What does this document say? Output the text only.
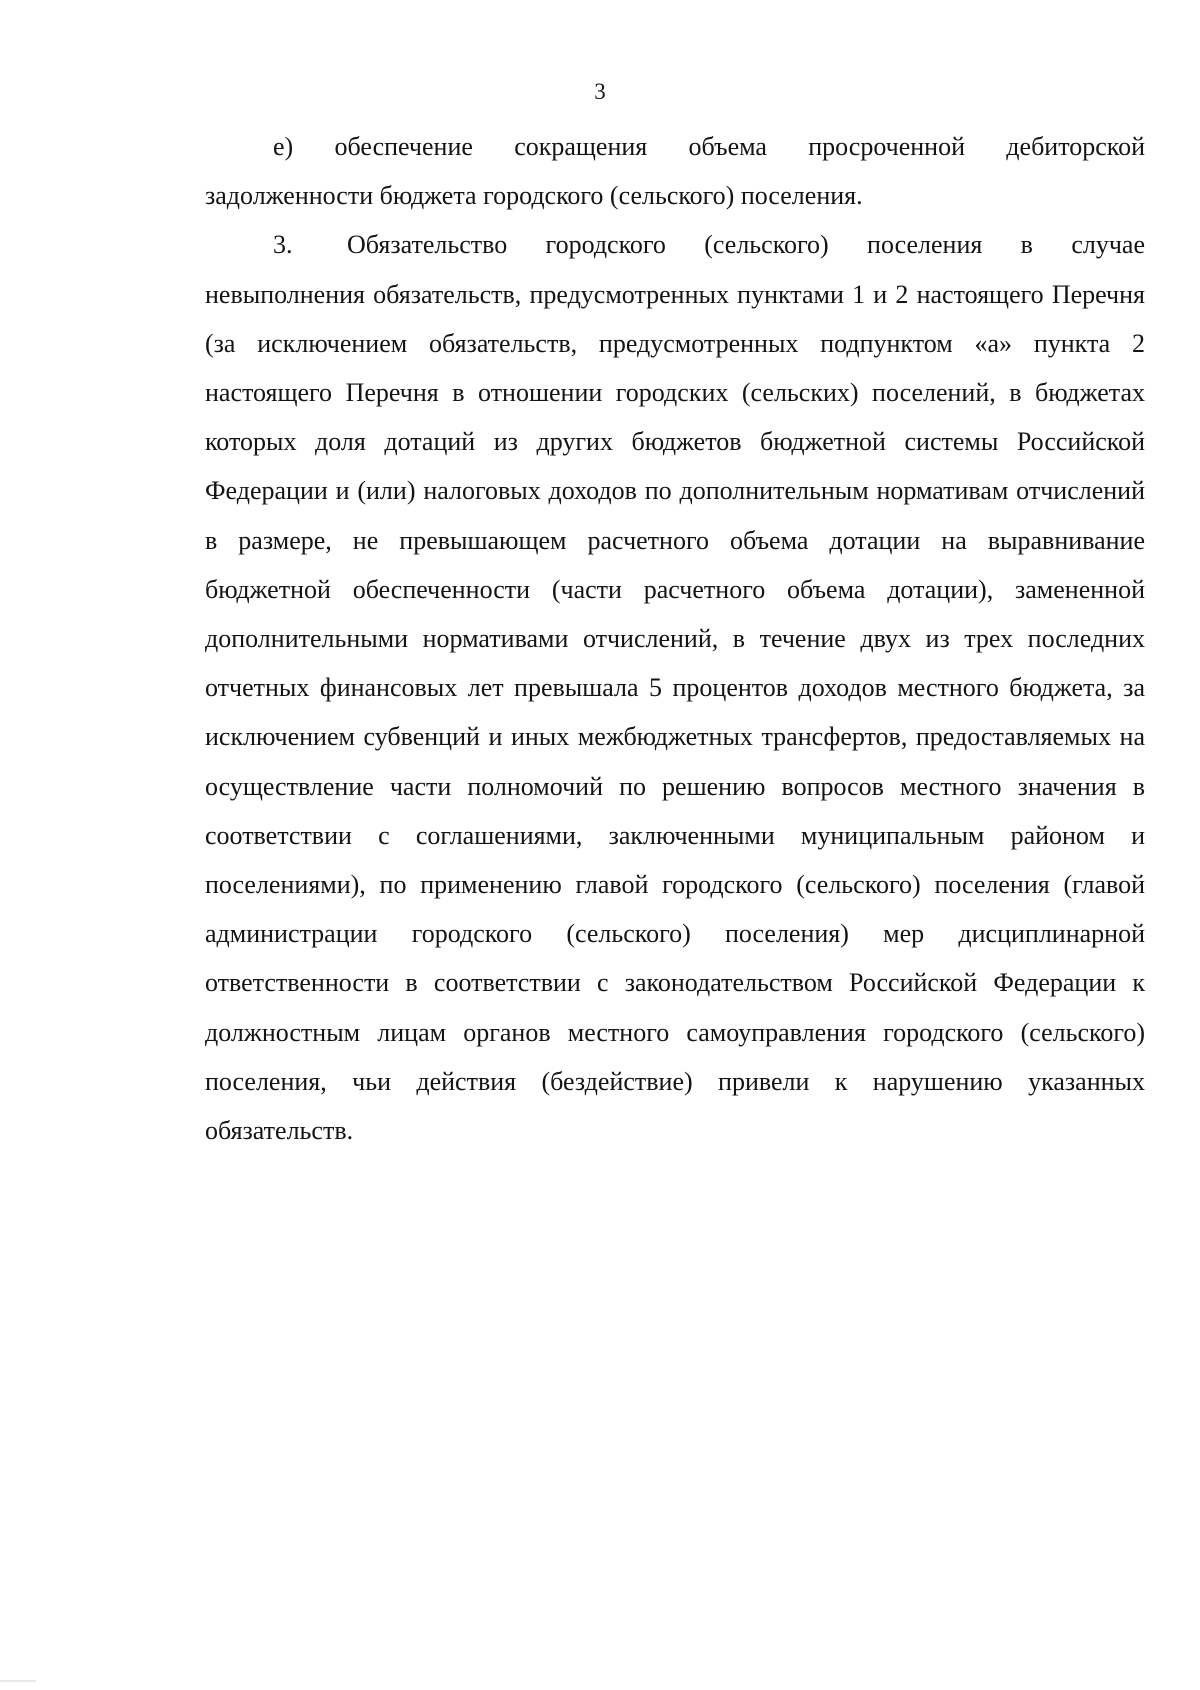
3

е) обеспечение сокращения объема просроченной дебиторской задолженности бюджета городского (сельского) поселения.

3. Обязательство городского (сельского) поселения в случае невыполнения обязательств, предусмотренных пунктами 1 и 2 настоящего Перечня (за исключением обязательств, предусмотренных подпунктом «а» пункта 2 настоящего Перечня в отношении городских (сельских) поселений, в бюджетах которых доля дотаций из других бюджетов бюджетной системы Российской Федерации и (или) налоговых доходов по дополнительным нормативам отчислений в размере, не превышающем расчетного объема дотации на выравнивание бюджетной обеспеченности (части расчетного объема дотации), замененной дополнительными нормативами отчислений, в течение двух из трех последних отчетных финансовых лет превышала 5 процентов доходов местного бюджета, за исключением субвенций и иных межбюджетных трансфертов, предоставляемых на осуществление части полномочий по решению вопросов местного значения в соответствии с соглашениями, заключенными муниципальным районом и поселениями), по применению главой городского (сельского) поселения (главой администрации городского (сельского) поселения) мер дисциплинарной ответственности в соответствии с законодательством Российской Федерации к должностным лицам органов местного самоуправления городского (сельского) поселения, чьи действия (бездействие) привели к нарушению указанных обязательств.
